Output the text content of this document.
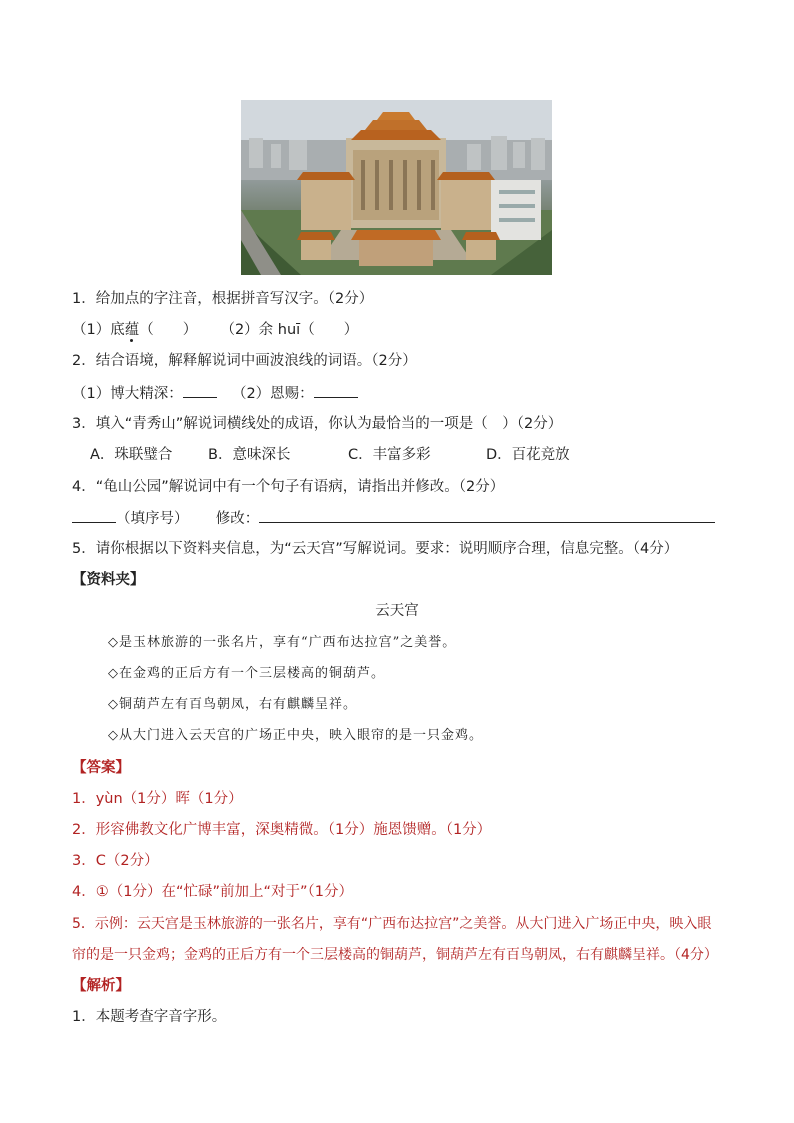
1．给加点的字注音，根据拼音写汉字。（2分）
（1）底蕴（　　） （2）余 huī（　　）
2．结合语境，解释解说词中画波浪线的词语。（2分）
（1）博大精深：	（2）恩赐：
3．填入“青秀山”解说词横线处的成语，你认为最恰当的一项是（　）（2分）
A．珠联璧合 B．意味深长	C．丰富多彩	D．百花竞放
4．“龟山公园”解说词中有一个句子有语病，请指出并修改。（2分）
（填序号） 修改：
5．请你根据以下资料夹信息，为“云天宫”写解说词。要求：说明顺序合理，信息完整。（4分）
【资料夹】
云天宫
◇是玉林旅游的一张名片，享有“广西布达拉宫”之美誉。
◇在金鸡的正后方有一个三层楼高的铜葫芦。
◇铜葫芦左有百鸟朝凤，右有麒麟呈祥。
◇从大门进入云天宫的广场正中央，映入眼帘的是一只金鸡。
【答案】
1．yùn（1分）晖（1分）
2．形容佛教文化广博丰富，深奥精微。（1分）施恩馈赠。（1分）
3．C（2分）
4．①（1分）在“忙碌”前加上“对于”（1分）
5．示例：云天宫是玉林旅游的一张名片，享有“广西布达拉宫”之美誉。从大门进入广场正中央，映入眼
帘的是一只金鸡；金鸡的正后方有一个三层楼高的铜葫芦，铜葫芦左有百鸟朝凤，右有麒麟呈祥。（4分）
【解析】
1．本题考查字音字形。
